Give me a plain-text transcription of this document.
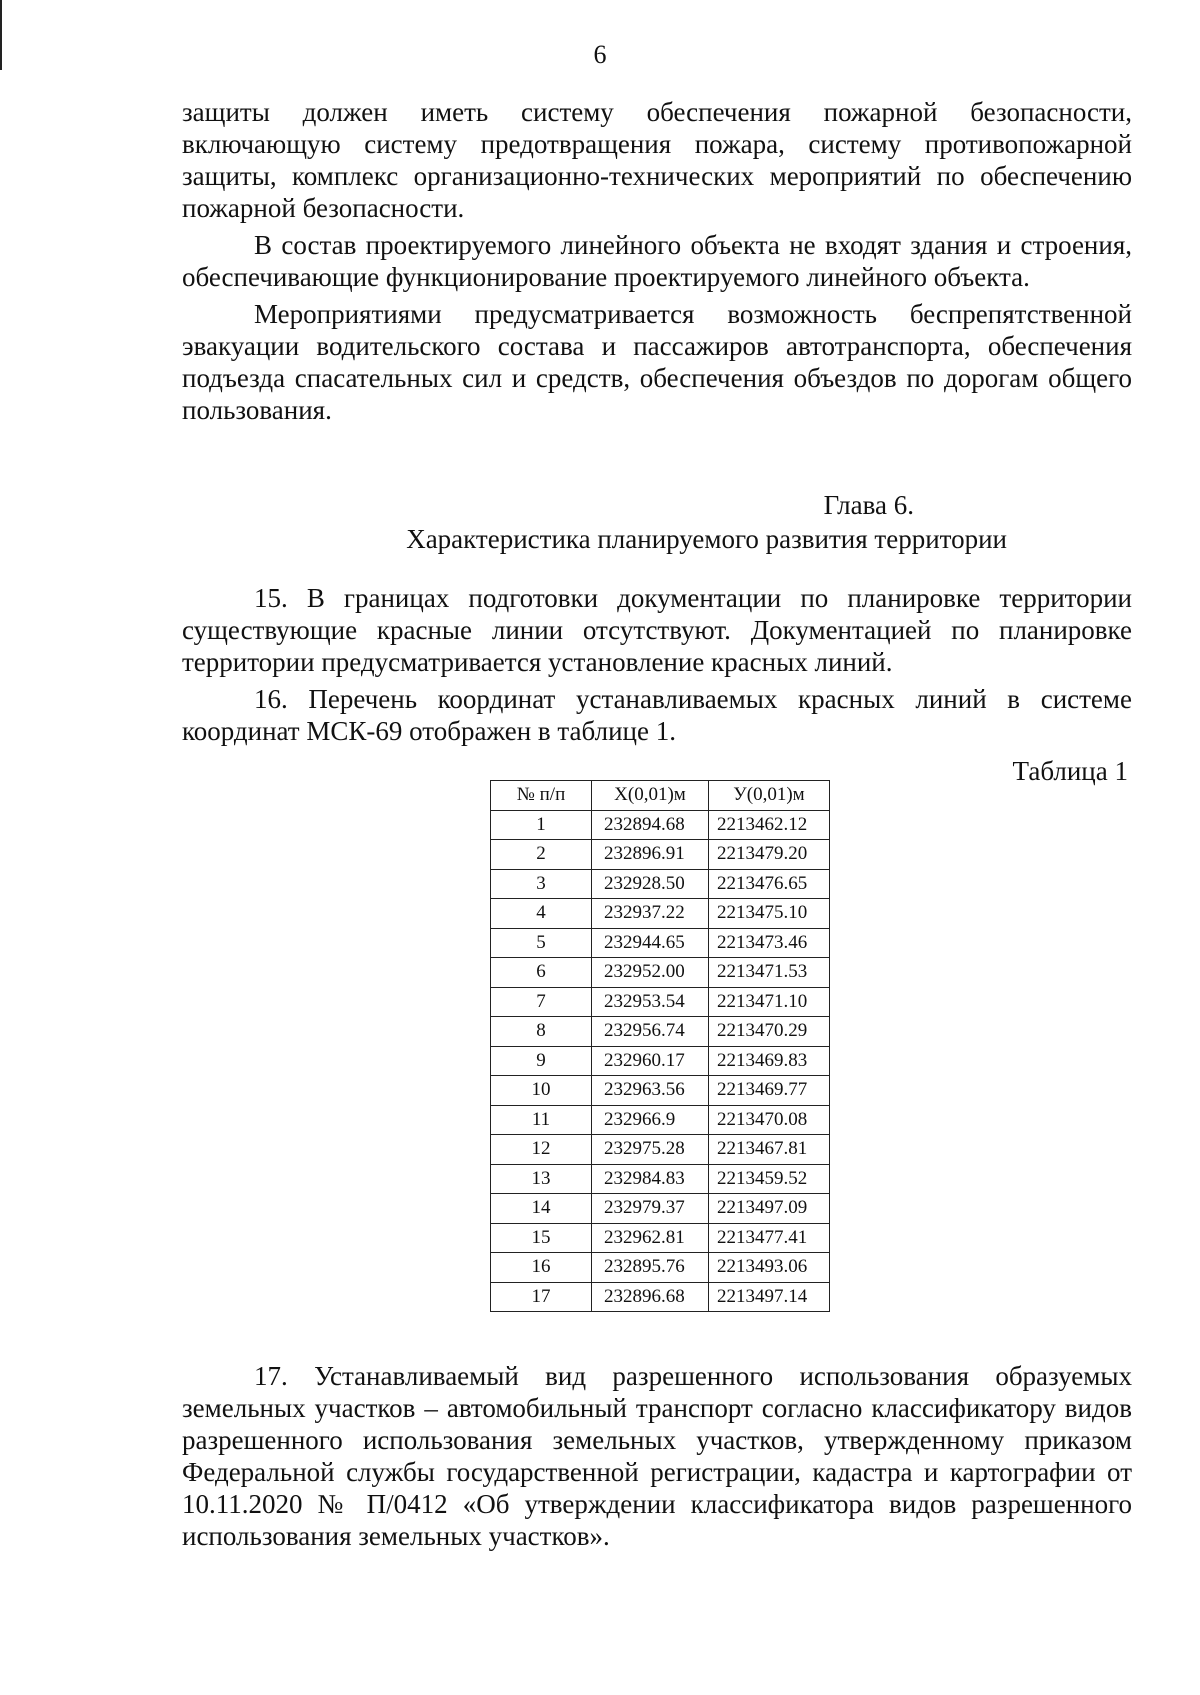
6

защиты должен иметь систему обеспечения пожарной безопасности, включающую систему предотвращения пожара, систему противопожарной защиты, комплекс организационно-технических мероприятий по обеспечению пожарной безопасности.

В состав проектируемого линейного объекта не входят здания и строения, обеспечивающие функционирование проектируемого линейного объекта.

Мероприятиями предусматривается возможность беспрепятственной эвакуации водительского состава и пассажиров автотранспорта, обеспечения подъезда спасательных сил и средств, обеспечения объездов по дорогам общего пользования.

Глава 6.
Характеристика планируемого развития территории

15. В границах подготовки документации по планировке территории существующие красные линии отсутствуют. Документацией по планировке территории предусматривается установление красных линий.

16. Перечень координат устанавливаемых красных линий в системе координат МСК-69 отображен в таблице 1.

Таблица 1
№ п/п	X(0,01)м	У(0,01)м
1	232894.68	2213462.12
2	232896.91	2213479.20
3	232928.50	2213476.65
4	232937.22	2213475.10
5	232944.65	2213473.46
6	232952.00	2213471.53
7	232953.54	2213471.10
8	232956.74	2213470.29
9	232960.17	2213469.83
10	232963.56	2213469.77
11	232966.9	2213470.08
12	232975.28	2213467.81
13	232984.83	2213459.52
14	232979.37	2213497.09
15	232962.81	2213477.41
16	232895.76	2213493.06
17	232896.68	2213497.14

17. Устанавливаемый вид разрешенного использования образуемых земельных участков – автомобильный транспорт согласно классификатору видов разрешенного использования земельных участков, утвержденному приказом Федеральной службы государственной регистрации, кадастра и картографии от 10.11.2020 № П/0412 «Об утверждении классификатора видов разрешенного использования земельных участков».
